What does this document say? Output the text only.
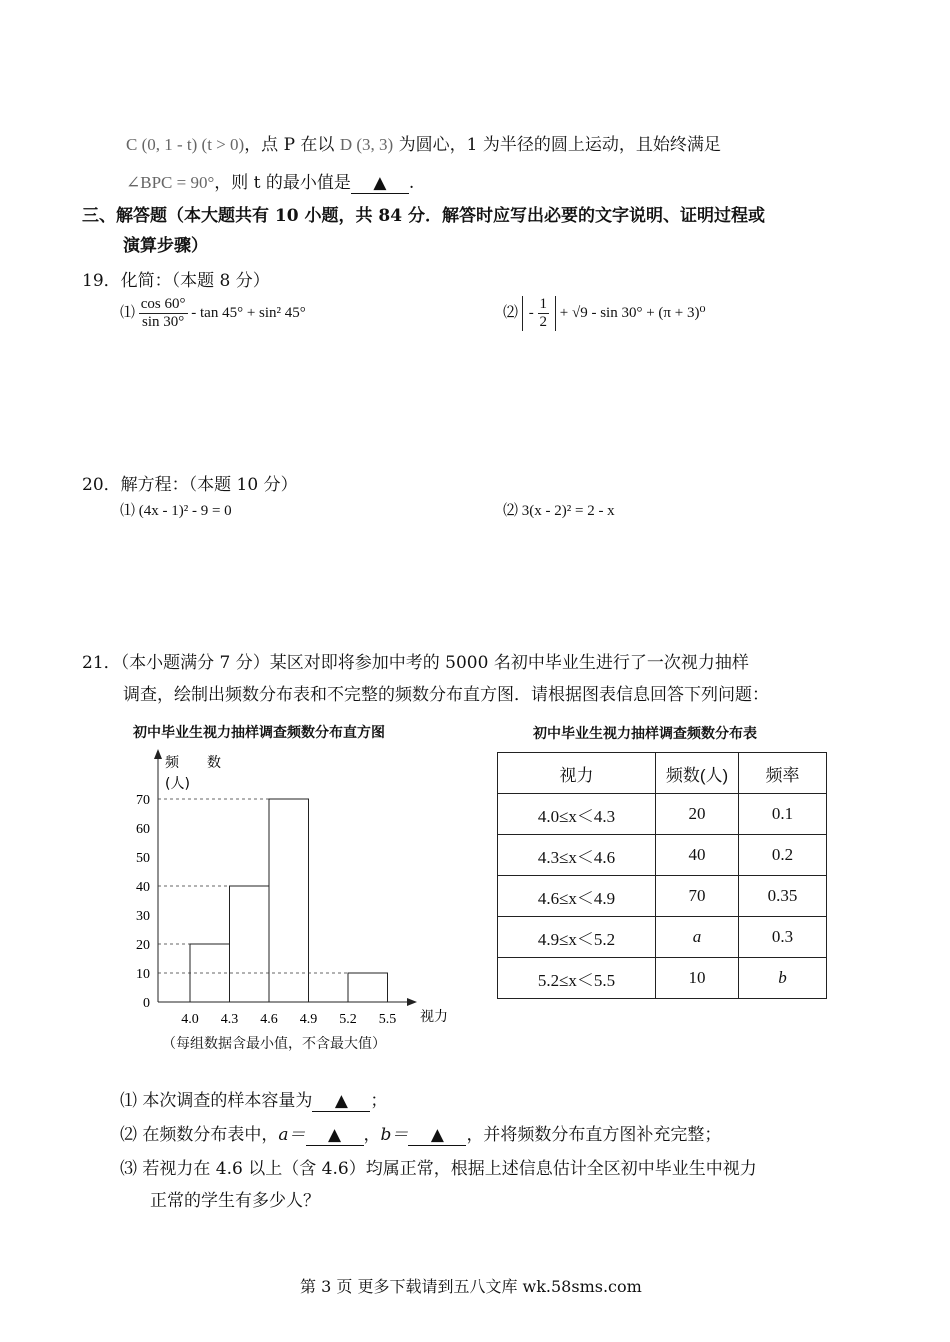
C (0, 1 - t) (t > 0)，点 P 在以 D (3, 3) 为圆心，1 为半径的圆上运动，且始终满足
∠BPC = 90°，则 t 的最小值是 ▲ .
三、解答题（本大题共有 10 小题，共 84 分．解答时应写出必要的文字说明、证明过程或
演算步骤）
19．化简：（本题 8 分）
⑴ $\frac{\cos 60^\circ}{\sin 30^\circ} - \tan 45^\circ + \sin^2$ 45°	⑵ - $\frac{1}{2} + √9 - \sin 30^\circ + (\pi + 3)^0$
20．解方程：（本题 10 分）
⑴ (4x - 1)² - 9 = 0	⑵ 3(x - 2)² = 2 - x
21．（本小题满分 7 分）某区对即将参加中考的 5000 名初中毕业生进行了一次视力抽样
调查，绘制出频数分布表和不完整的频数分布直方图．请根据图表信息回答下列问题：
初中毕业生视力抽样调查频数分布直方图
频　　数
(人)
视力
0
10
20
30
40
50
60
70
4.0 4.3 4.6 4.9 5.2 5.5
（每组数据含最小值，不含最大值）
初中毕业生视力抽样调查频数分布表
视力	频数(人)	频率
4.0≤x＜4.3	20	0.1
4.3≤x＜4.6	40	0.2
4.6≤x＜4.9	70	0.35
4.9≤x＜5.2	a	0.3
5.2≤x＜5.5	10	b
⑴ 本次调查的样本容量为 ▲ ；
⑵ 在频数分布表中，a＝ ▲ ，b＝ ▲ ，并将频数分布直方图补充完整；
⑶ 若视力在 4.6 以上（含 4.6）均属正常，根据上述信息估计全区初中毕业生中视力
正常的学生有多少人？
第 3 页 更多下载请到五八文库 wk.58sms.com
